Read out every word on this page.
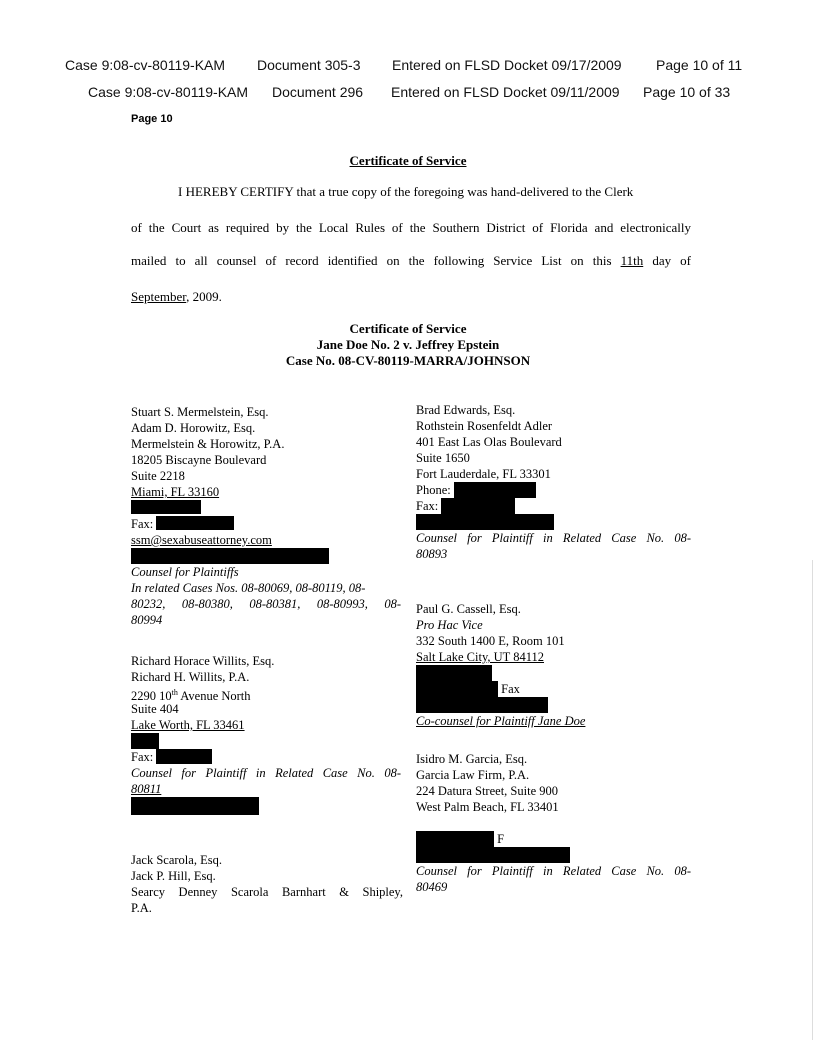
Case 9:08-cv-80119-KAM Document 305-3 Entered on FLSD Docket 09/17/2009 Page 10 of 11
Case 9:08-cv-80119-KAM Document 296 Entered on FLSD Docket 09/11/2009 Page 10 of 33
Page 10
Certificate of Service
I HEREBY CERTIFY that a true copy of the foregoing was hand-delivered to the Clerk
of the Court as required by the Local Rules of the Southern District of Florida and electronically
mailed to all counsel of record identified on the following Service List on this 11th day of
September, 2009.
Certificate of Service
Jane Doe No. 2 v. Jeffrey Epstein
Case No. 08-CV-80119-MARRA/JOHNSON
Stuart S. Mermelstein, Esq.
Adam D. Horowitz, Esq.
Mermelstein & Horowitz, P.A.
18205 Biscayne Boulevard
Suite 2218
Miami, FL 33160
Fax:
ssm@sexabuseattorney.com
Counsel for Plaintiffs
In related Cases Nos. 08-80069, 08-80119, 08-
80232, 08-80380, 08-80381, 08-80993, 08-
80994
Richard Horace Willits, Esq.
Richard H. Willits, P.A.
2290 10th Avenue North
Suite 404
Lake Worth, FL 33461
Fax:
Counsel for Plaintiff in Related Case No. 08-
80811
Jack Scarola, Esq.
Jack P. Hill, Esq.
Searcy Denney Scarola Barnhart & Shipley,
P.A.
Brad Edwards, Esq.
Rothstein Rosenfeldt Adler
401 East Las Olas Boulevard
Suite 1650
Fort Lauderdale, FL 33301
Phone:
Fax:
Counsel for Plaintiff in Related Case No. 08-
80893
Paul G. Cassell, Esq.
Pro Hac Vice
332 South 1400 E, Room 101
Salt Lake City, UT 84112
Fax
Co-counsel for Plaintiff Jane Doe
Isidro M. Garcia, Esq.
Garcia Law Firm, P.A.
224 Datura Street, Suite 900
West Palm Beach, FL 33401
F
Counsel for Plaintiff in Related Case No. 08-
80469
